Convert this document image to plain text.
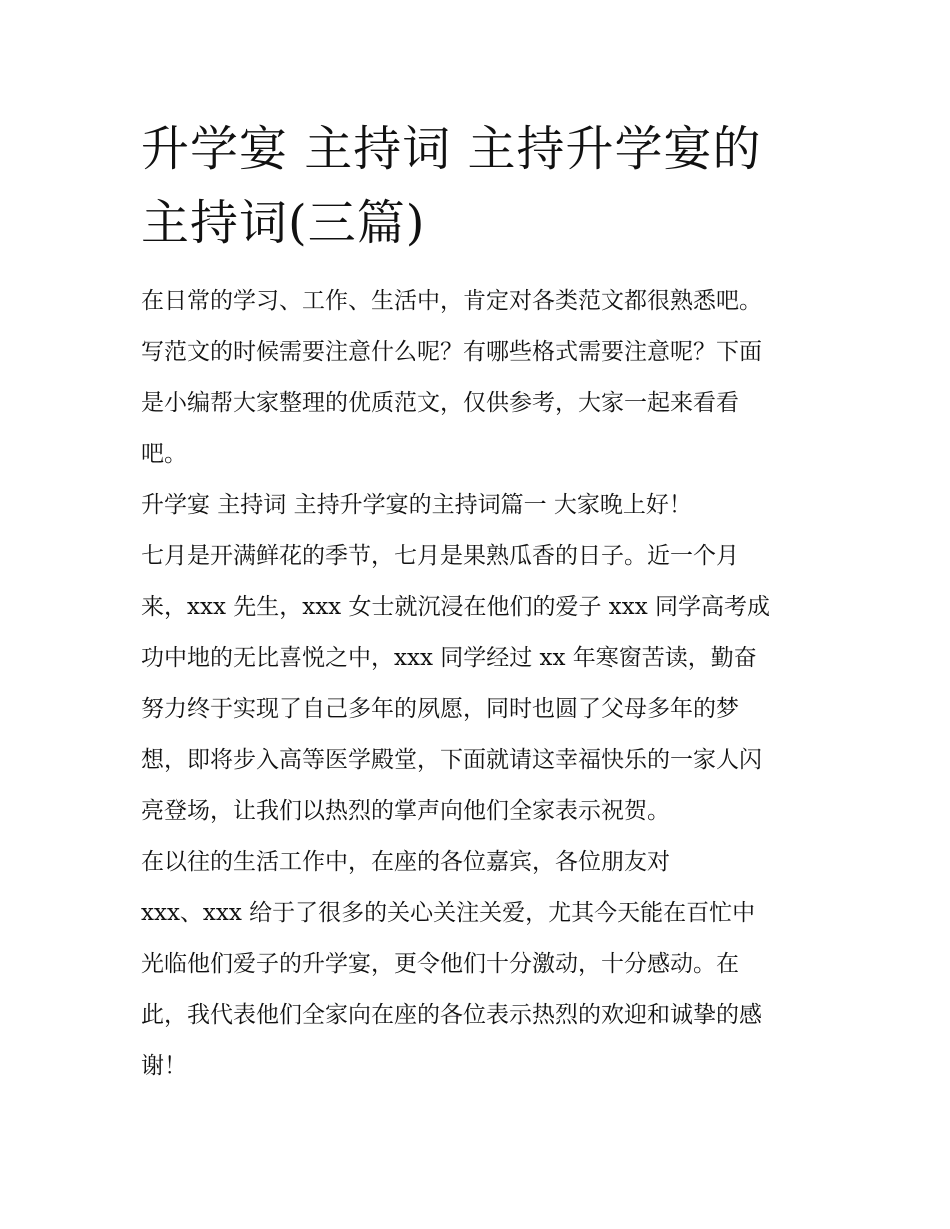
升学宴 主持词 主持升学宴的
主持词(三篇)
在日常的学习、工作、生活中，肯定对各类范文都很熟悉吧。
写范文的时候需要注意什么呢？有哪些格式需要注意呢？下面
是小编帮大家整理的优质范文，仅供参考，大家一起来看看
吧。
升学宴 主持词 主持升学宴的主持词篇一 大家晚上好！
七月是开满鲜花的季节，七月是果熟瓜香的日子。近一个月
来，xxx 先生，xxx 女士就沉浸在他们的爱子 xxx 同学高考成
功中地的无比喜悦之中，xxx 同学经过 xx 年寒窗苦读，勤奋
努力终于实现了自己多年的夙愿，同时也圆了父母多年的梦
想，即将步入高等医学殿堂，下面就请这幸福快乐的一家人闪
亮登场，让我们以热烈的掌声向他们全家表示祝贺。
在以往的生活工作中，在座的各位嘉宾，各位朋友对
xxx、xxx 给于了很多的关心关注关爱，尤其今天能在百忙中
光临他们爱子的升学宴，更令他们十分激动，十分感动。在
此，我代表他们全家向在座的各位表示热烈的欢迎和诚挚的感
谢！
